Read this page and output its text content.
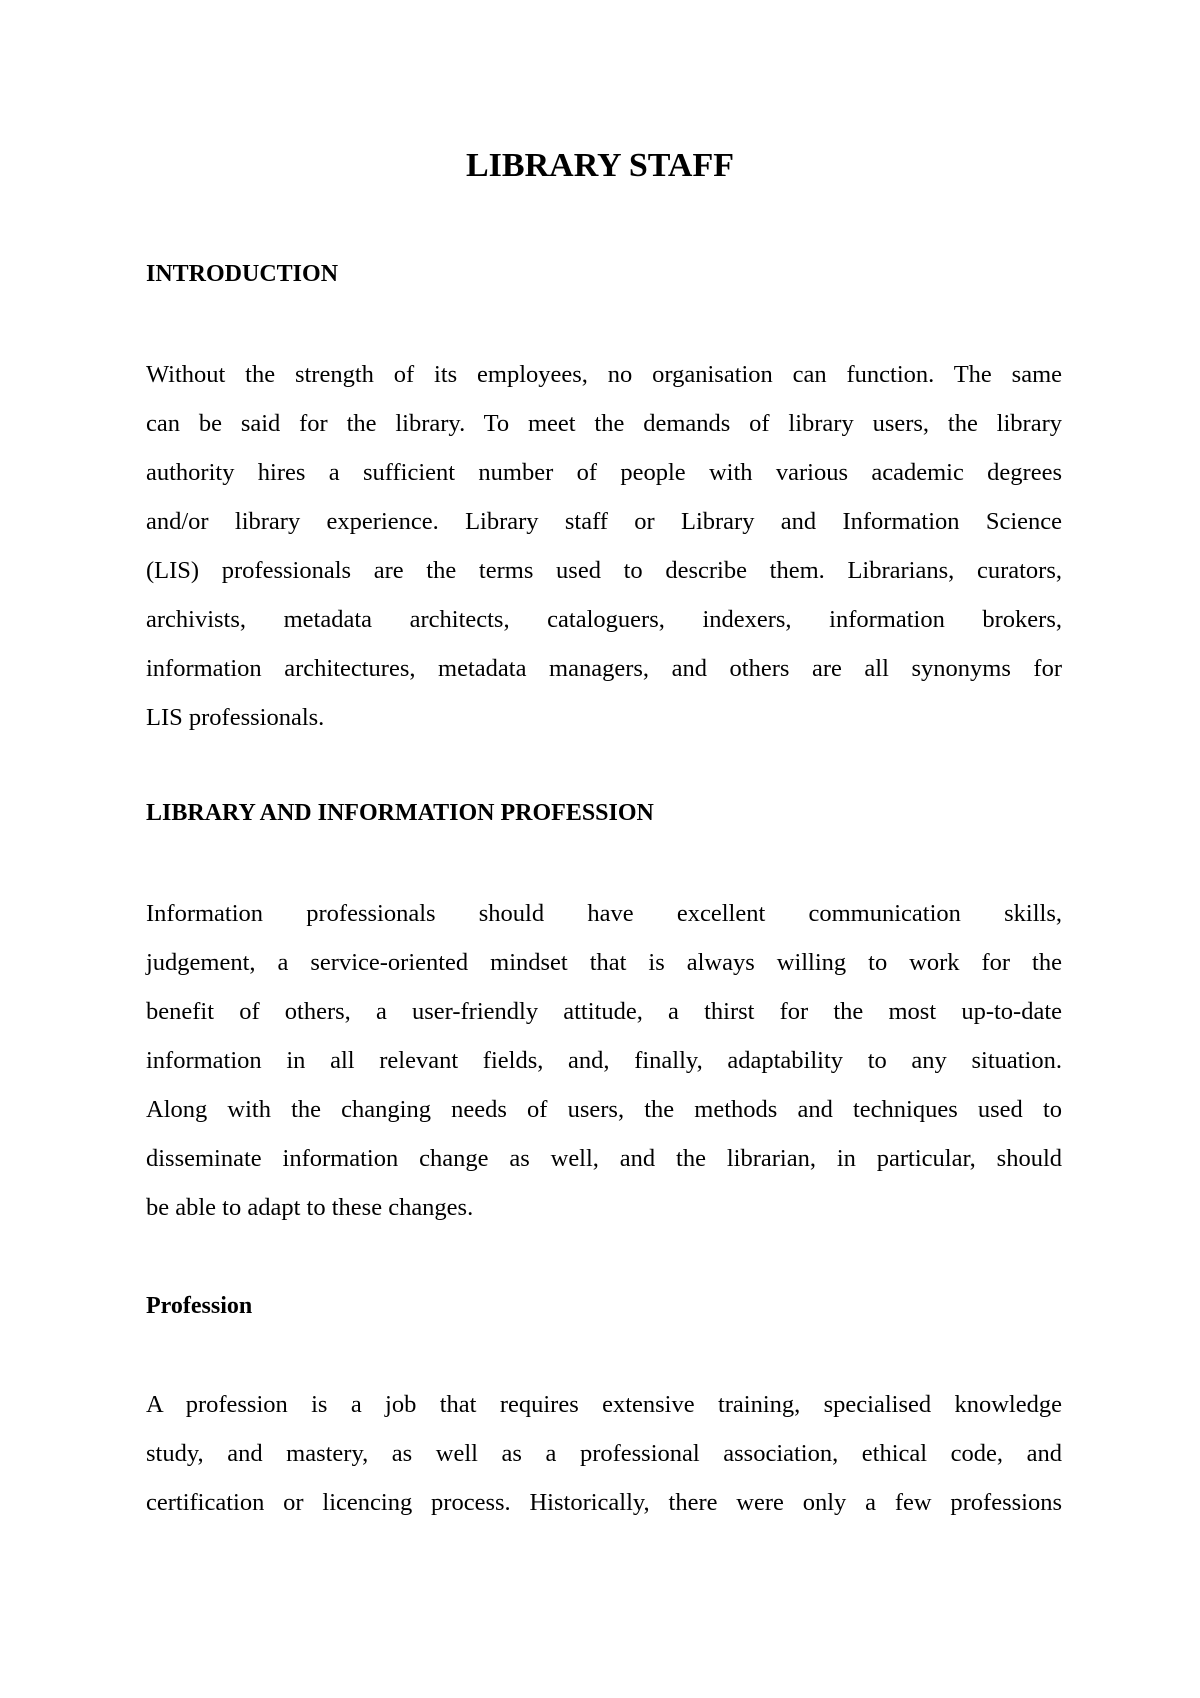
LIBRARY STAFF
INTRODUCTION
Without the strength of its employees, no organisation can function. The same
can be said for the library. To meet the demands of library users, the library
authority hires a sufficient number of people with various academic degrees
and/or library experience. Library staff or Library and Information Science
(LIS) professionals are the terms used to describe them. Librarians, curators,
archivists, metadata architects, cataloguers, indexers, information brokers,
information architectures, metadata managers, and others are all synonyms for
LIS professionals.
LIBRARY AND INFORMATION PROFESSION
Information professionals should have excellent communication skills,
judgement, a service-oriented mindset that is always willing to work for the
benefit of others, a user-friendly attitude, a thirst for the most up-to-date
information in all relevant fields, and, finally, adaptability to any situation.
Along with the changing needs of users, the methods and techniques used to
disseminate information change as well, and the librarian, in particular, should
be able to adapt to these changes.
Profession
A profession is a job that requires extensive training, specialised knowledge
study, and mastery, as well as a professional association, ethical code, and
certification or licencing process. Historically, there were only a few professions
